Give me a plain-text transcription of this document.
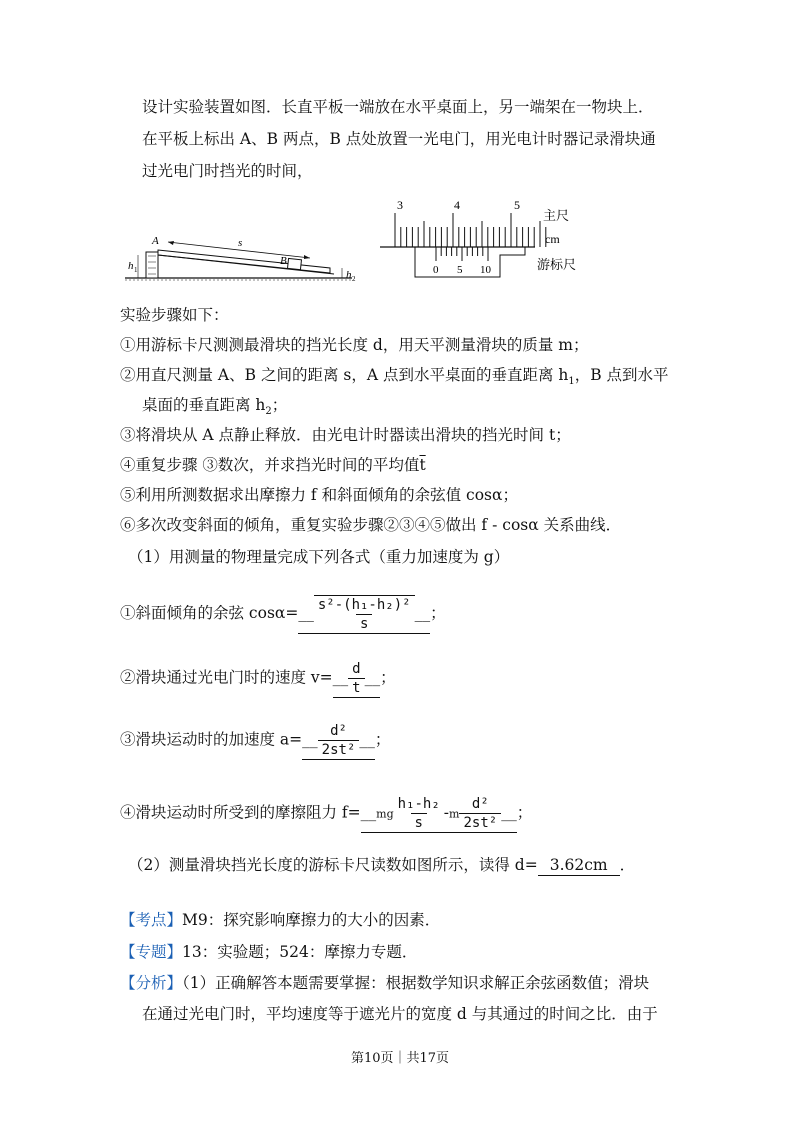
设计实验装置如图．长直平板一端放在水平桌面上，另一端架在一物块上．
在平板上标出 A、B 两点，B 点处放置一光电门，用光电计时器记录滑块通
过光电门时挡光的时间，
A
B
s
h 1	h 2
3	4	5
0 5 10
主尺
cm
游标尺
实验步骤如下：
①用游标卡尺测测最滑块的挡光长度 d，用天平测量滑块的质量 m；
②用直尺测量 A、B 之间的距离 s，A 点到水平桌面的垂直距离 $h_1$，B 点到水平
桌面的垂直距离 $h_2$；
③将滑块从 A 点静止释放．由光电计时器读出滑块的挡光时间 t；
④重复步骤 ③数次，并求挡光时间的平均值$\overline{t}$
⑤利用所测数据求出摩擦力 f 和斜面倾角的余弦值 cosα；
⑥多次改变斜面的倾角，重复实验步骤②③④⑤做出 f - cosα 关系曲线．
（1）用测量的物理量完成下列各式（重力加速度为 g）
①斜面倾角的余弦 cosα=__ $\frac{\text{s²-(h₁-h₂)²}}{s}$ __；
②滑块通过光电门时的速度 v=__ $\frac{d}{t}$ __；
③滑块运动时的加速度 a=__ $\frac{\text{d²}}{\text{2st²}}$ __；
④滑块运动时所受到的摩擦阻力 f=__mg $\frac{\text{h₁-h₂}}{s} -m \frac{\text{d²}}{\text{2st²}}$ __；
（2）测量滑块挡光长度的游标卡尺读数如图所示，读得 d= 3.62cm ．
【考点】M9：探究影响摩擦力的大小的因素．
【专题】13：实验题；524：摩擦力专题．
【分析】（1）正确解答本题需要掌握：根据数学知识求解正余弦函数值；滑块
在通过光电门时，平均速度等于遮光片的宽度 d 与其通过的时间之比．由于
第10页｜共17页
